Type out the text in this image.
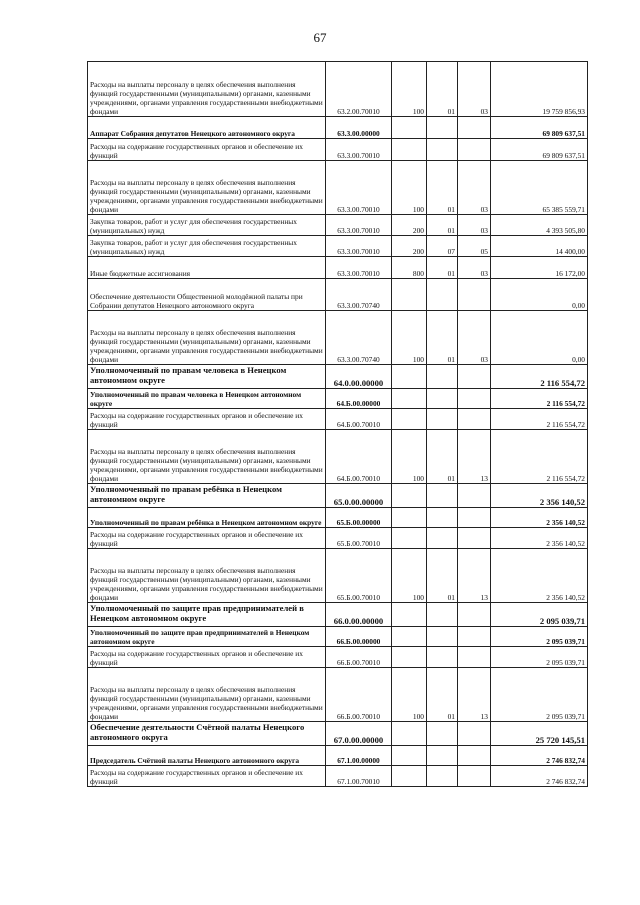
67
Расходы на выплаты персоналу в целях обеспечения выполнения функций государственными (муниципальными) органами, казенными учреждениями, органами управления государственными внебюджетными фондами	63.2.00.70010	100	01	03	19 759 856,93
Аппарат Собрания депутатов Ненецкого автономного округа	63.3.00.00000				69 809 637,51
Расходы на содержание государственных органов и обеспечение их функций	63.3.00.70010				69 809 637,51
Расходы на выплаты персоналу в целях обеспечения выполнения функций государственными (муниципальными) органами, казенными учреждениями, органами управления государственными внебюджетными фондами	63.3.00.70010	100	01	03	65 385 559,71
Закупка товаров, работ и услуг для обеспечения государственных (муниципальных) нужд	63.3.00.70010	200	01	03	4 393 505,80
Закупка товаров, работ и услуг для обеспечения государственных (муниципальных) нужд	63.3.00.70010	200	07	05	14 400,00
Иные бюджетные ассигнования	63.3.00.70010	800	01	03	16 172,00
Обеспечение деятельности Общественной молодёжной палаты при Собрании депутатов Ненецкого автономного округа	63.3.00.70740				0,00
Расходы на выплаты персоналу в целях обеспечения выполнения функций государственными (муниципальными) органами, казенными учреждениями, органами управления государственными внебюджетными фондами	63.3.00.70740	100	01	03	0,00
Уполномоченный по правам человека в Ненецком автономном округе	64.0.00.00000				2 116 554,72
Уполномоченный по правам человека в Ненецком автономном округе	64.Б.00.00000				2 116 554,72
Расходы на содержание государственных органов и обеспечение их функций	64.Б.00.70010				2 116 554,72
Расходы на выплаты персоналу в целях обеспечения выполнения функций государственными (муниципальными) органами, казенными учреждениями, органами управления государственными внебюджетными фондами	64.Б.00.70010	100	01	13	2 116 554,72
Уполномоченный по правам ребёнка в Ненецком автономном округе	65.0.00.00000				2 356 140,52
Уполномоченный по правам ребёнка в Ненецком автономном округе	65.Б.00.00000				2 356 140,52
Расходы на содержание государственных органов и обеспечение их функций	65.Б.00.70010				2 356 140,52
Расходы на выплаты персоналу в целях обеспечения выполнения функций государственными (муниципальными) органами, казенными учреждениями, органами управления государственными внебюджетными фондами	65.Б.00.70010	100	01	13	2 356 140,52
Уполномоченный по защите прав предпринимателей в Ненецком автономном округе	66.0.00.00000				2 095 039,71
Уполномоченный по защите прав предпринимателей в Ненецком автономном округе	66.Б.00.00000				2 095 039,71
Расходы на содержание государственных органов и обеспечение их функций	66.Б.00.70010				2 095 039,71
Расходы на выплаты персоналу в целях обеспечения выполнения функций государственными (муниципальными) органами, казенными учреждениями, органами управления государственными внебюджетными фондами	66.Б.00.70010	100	01	13	2 095 039,71
Обеспечение деятельности Счётной палаты Ненецкого автономного округа	67.0.00.00000				25 720 145,51
Председатель Счётной палаты Ненецкого автономного округа	67.1.00.00000				2 746 832,74
Расходы на содержание государственных органов и обеспечение их функций	67.1.00.70010				2 746 832,74
